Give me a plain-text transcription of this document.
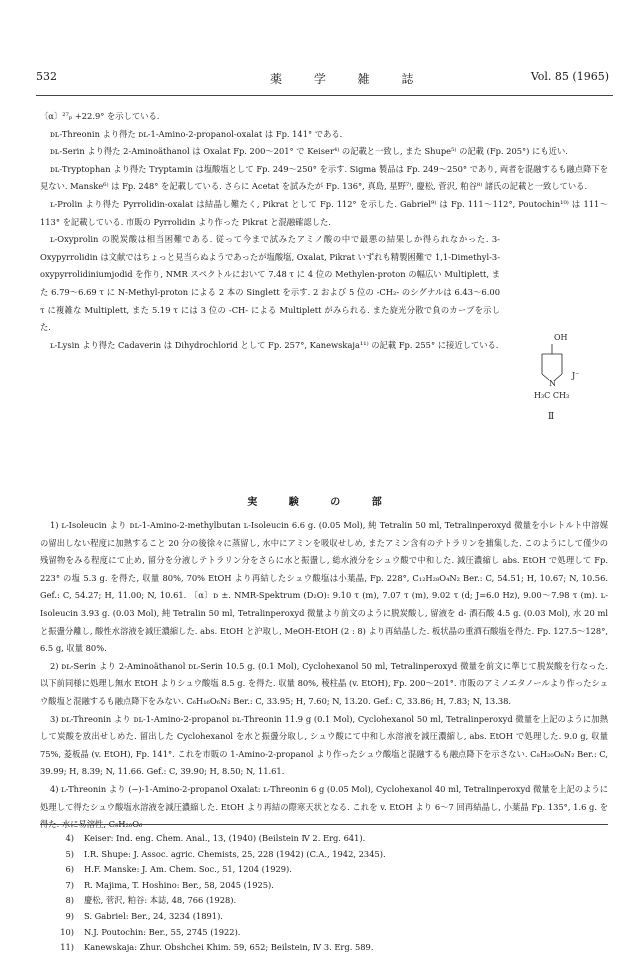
532	薬 学 雑 誌	Vol. 85 (1965)

〔α〕²⁷ₚ +22.9° を示している.

ᴅʟ-Threonin より得た ᴅʟ-1-Amino-2-propanol-oxalat は Fp. 141° である.

ᴅʟ-Serin より得た 2-Aminoäthanol は Oxalat Fp. 200～201° で Keiser⁴⁾ の記載と一致し, また Shupe⁵⁾ の記載 (Fp. 205°) にも近い.

ᴅʟ-Tryptophan より得た Tryptamin は塩酸塩として Fp. 249～250° を示す. Sigma 製品は Fp. 249～250° であり, 両者を混融するも融点降下を見ない. Manske⁶⁾ は Fp. 248° を記載している. さらに Acetat を試みたが Fp. 136°, 真島, 星野⁷⁾, 慶松, 菅沢, 粕谷⁸⁾ 諸氏の記載と一致している.

ʟ-Prolin より得た Pyrrolidin-oxalat は結晶し難たく, Pikrat として Fp. 112° を示した. Gabriel⁹⁾ は Fp. 111～112°, Poutochin¹⁰⁾ は 111～113° を記載している. 市販の Pyrrolidin より作った Pikrat と混融確認した.

ʟ-Oxyprolin の脱炭酸は相当困難である. 従って今まで試みたアミノ酸の中で最悪の結果しか得られなかった. 3-Oxypyrrolidin は文献ではちょっと見当らぬようであったが塩酸塩, Oxalat, Pikrat いずれも精製困難で 1,1-Dimethyl-3-oxypyrrolidiniumjodid を作り, NMR スペクトルにおいて 7.48 τ に 4 位の Methylen-proton の幅広い Multiplett, また 6.79～6.69 τ に N-Methyl-proton による 2 本の Singlett を示す. 2 および 5 位の -CH₂- のシグナルは 6.43～6.00 τ に複雑な Multiplett, また 5.19 τ には 3 位の -CH- による Multiplett がみられる. また旋光分散で負のカーブを示した.

ʟ-Lysin より得た Cadaverin は Dihydrochlorid として Fp. 257°, Kanewskaja¹¹⁾ の記載 Fp. 255° に接近している.

OH
N
J⁻
H₃C CH₃
Ⅱ
実 験 の 部

1) ʟ-Isoleucin より ᴅʟ-1-Amino-2-methylbutan ʟ-Isoleucin 6.6 g. (0.05 Mol), 純 Tetralin 50 ml, Tetralinperoxyd 微量を小レトルト中溶媒の留出しない程度に加熱すること 20 分の後徐々に蒸留し, 水中にアミンを吸収せしめ, またアミン含有のテトラリンを捕集した. このようにして僅少の残留物をみる程度にて止め, 留分を分液しテトラリン分をさらに水と振盪し, 総水液分をシュウ酸で中和した. 減圧濃縮し abs. EtOH で処理して Fp. 223° の塩 5.3 g. を得た, 収量 80%, 70% EtOH より再結したシュウ酸塩は小葉晶, Fp. 228°, C₁₂H₂₈O₄N₂ Ber.: C, 54.51; H, 10.67; N, 10.56. Gef.: C, 54.27; H, 11.00; N, 10.61. 〔α〕ᴅ ±. NMR-Spektrum (D₂O): 9.10 τ (m), 7.07 τ (m), 9.02 τ (d; J=6.0 Hz), 9.00～7.98 τ (m). ʟ-Isoleucin 3.93 g. (0.03 Mol), 純 Tetralin 50 ml, Tetralinperoxyd 微量より前文のように脱炭酸し, 留液を d- 酒石酸 4.5 g. (0.03 Mol), 水 20 ml と振盪分離し, 酸性水溶液を減圧濃縮した. abs. EtOH と沪取し, MeOH-EtOH (2 : 8) より再結晶した. 板状晶の重酒石酸塩を得た. Fp. 127.5～128°, 6.5 g, 収量 80%.

2) ᴅʟ-Serin より 2-Aminoäthanol ᴅʟ-Serin 10.5 g. (0.1 Mol), Cyclohexanol 50 ml, Tetralinperoxyd 微量を前文に準じて脱炭酸を行なった. 以下前同様に処理し無水 EtOH よりシュウ酸塩 8.5 g. を得た. 収量 80%, 稜柱晶 (v. EtOH), Fp. 200～201°. 市販のアミノエタノールより作ったシュウ酸塩と混融するも融点降下をみない. C₆H₁₆O₆N₂ Ber.: C, 33.95; H, 7.60; N, 13.20. Gef.: C, 33.86; H, 7.83; N, 13.38.

3) ᴅʟ-Threonin より ᴅʟ-1-Amino-2-propanol ᴅʟ-Threonin 11.9 g (0.1 Mol), Cyclohexanol 50 ml, Tetralinperoxyd 微量を上記のように加熱して炭酸を放出せしめた. 留出した Cyclohexanol を水と振盪分取し, シュウ酸にて中和し水溶液を減圧濃縮し, abs. EtOH で処理した. 9.0 g, 収量 75%, 菱板晶 (v. EtOH), Fp. 141°. これを市販の 1-Amino-2-propanol より作ったシュウ酸塩と混融するも融点降下を示さない. C₈H₂₀O₆N₂ Ber.: C, 39.99; H, 8.39; N, 11.66. Gef.: C, 39.90; H, 8.50; N, 11.61.

4) ʟ-Threonin より (−)-1-Amino-2-propanol Oxalat: ʟ-Threonin 6 g (0.05 Mol), Cyclohexanol 40 ml, Tetralinperoxyd 微量を上記のように処理して得たシュウ酸塩水溶液を減圧濃縮した. EtOH より再結の際寒天状となる. これを v. EtOH より 6～7 回再結晶し, 小葉晶 Fp. 135°, 1.6 g. を得た. 水に易溶性, C₈H₂₀O₆

4)	Keiser: Ind. eng. Chem. Anal., 13, (1940) (Beilstein Ⅳ 2. Erg. 641).
5)	I.R. Shupe: J. Assoc. agric. Chemists, 25, 228 (1942) (C.A., 1942, 2345).
6)	H.F. Manske: J. Am. Chem. Soc., 51, 1204 (1929).
7)	R. Majima, T. Hoshino: Ber., 58, 2045 (1925).
8)	慶松, 菅沢, 粕谷: 本誌, 48, 766 (1928).
9)	S. Gabriel: Ber., 24, 3234 (1891).
10)	N.J. Poutochin: Ber., 55, 2745 (1922).
11)	Kanewskaja: Zhur. Obshchei Khim. 59, 652; Beilstein, Ⅳ 3. Erg. 589.
